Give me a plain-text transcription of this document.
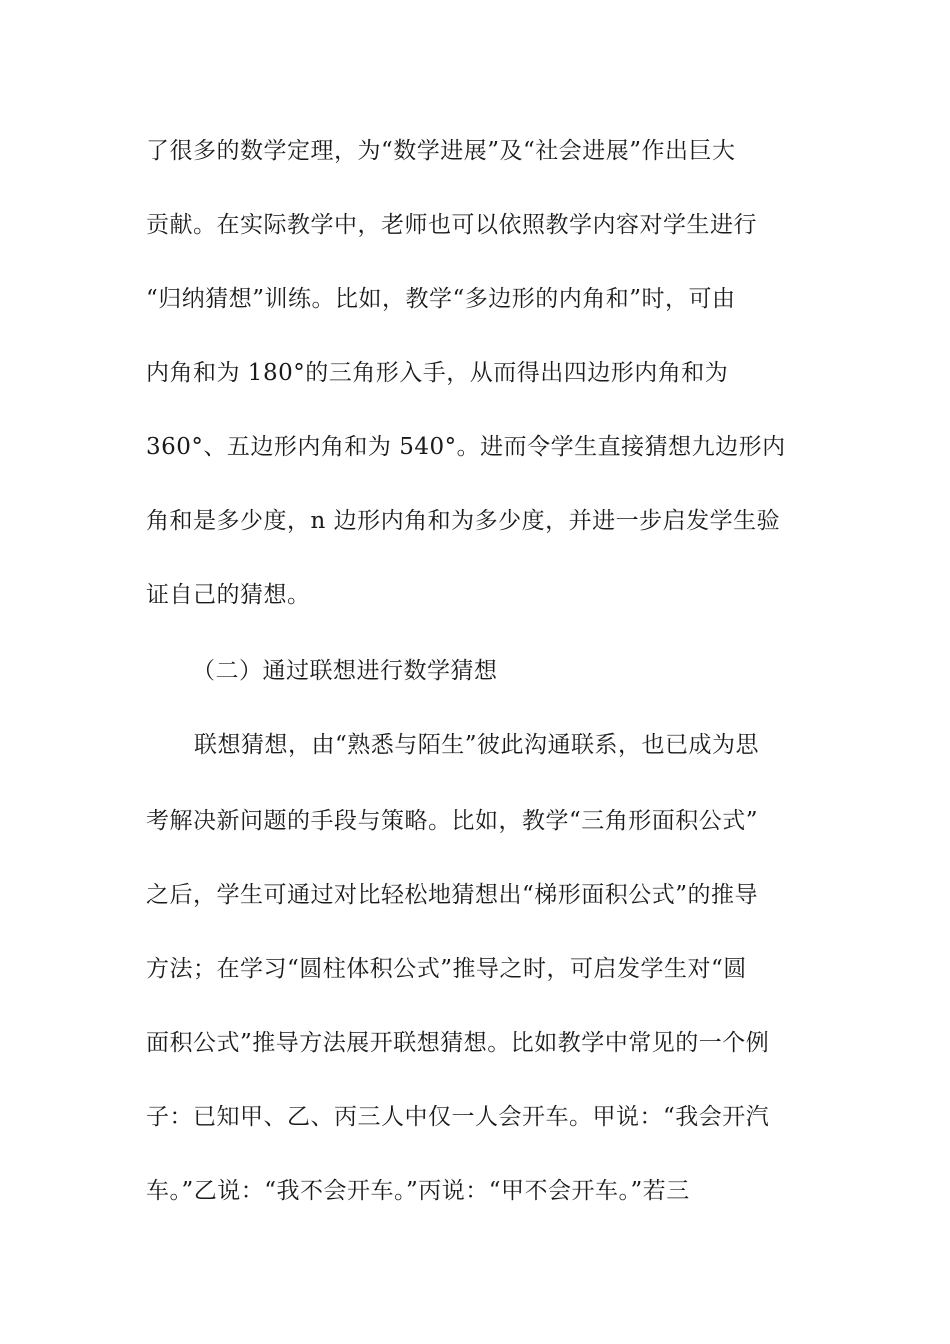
了很多的数学定理，为“数学进展”及“社会进展”作出巨大
贡献。在实际教学中，老师也可以依照教学内容对学生进行
“归纳猜想”训练。比如，教学“多边形的内角和”时，可由
内角和为 180°的三角形入手，从而得出四边形内角和为
360°、五边形内角和为 540°。进而令学生直接猜想九边形内
角和是多少度，n 边形内角和为多少度，并进一步启发学生验
证自己的猜想。
（二）通过联想进行数学猜想
联想猜想，由“熟悉与陌生”彼此沟通联系，也已成为思
考解决新问题的手段与策略。比如，教学“三角形面积公式”
之后，学生可通过对比轻松地猜想出“梯形面积公式”的推导
方法；在学习“圆柱体积公式”推导之时，可启发学生对“圆
面积公式”推导方法展开联想猜想。比如教学中常见的一个例
子：已知甲、乙、丙三人中仅一人会开车。甲说：“我会开汽
车。”乙说：“我不会开车。”丙说：“甲不会开车。”若三
